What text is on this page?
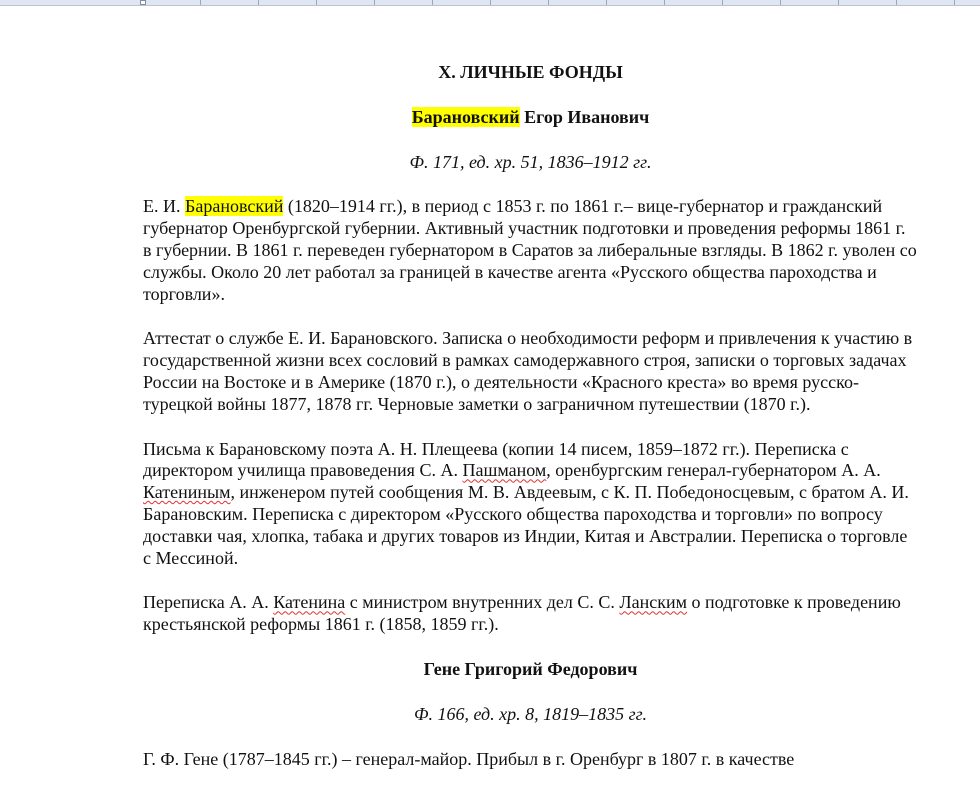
X. ЛИЧНЫЕ ФОНДЫ
Барановский Егор Иванович
Ф. 171, ед. хр. 51, 1836–1912 гг.
Е. И. Барановский (1820–1914 гг.), в период с 1853 г. по 1861 г.– вице-губернатор и гражданский губернатор Оренбургской губернии. Активный участник подготовки и проведения реформы 1861 г. в губернии. В 1861 г. переведен губернатором в Саратов за либеральные взгляды. В 1862 г. уволен со службы. Около 20 лет работал за границей в качестве агента «Русского общества пароходства и торговли».
Аттестат о службе Е. И. Барановского. Записка о необходимости реформ и привлечения к участию в государственной жизни всех сословий в рамках самодержавного строя, записки о торговых задачах России на Востоке и в Америке (1870 г.), о деятельности «Красного креста» во время русско-турецкой войны 1877, 1878 гг. Черновые заметки о заграничном путешествии (1870 г.).
Письма к Барановскому поэта А. Н. Плещеева (копии 14 писем, 1859–1872 гг.). Переписка с директором училища правоведения С. А. Пашманом, оренбургским генерал-губернатором А. А. Катениным, инженером путей сообщения М. В. Авдеевым, с К. П. Победоносцевым, с братом А. И. Барановским. Переписка с директором «Русского общества пароходства и торговли» по вопросу доставки чая, хлопка, табака и других товаров из Индии, Китая и Австралии. Переписка о торговле с Мессиной.
Переписка А. А. Катенина с министром внутренних дел С. С. Ланским о подготовке к проведению крестьянской реформы 1861 г. (1858, 1859 гг.).
Гене Григорий Федорович
Ф. 166, ед. хр. 8, 1819–1835 гг.
Г. Ф. Гене (1787–1845 гг.) – генерал-майор. Прибыл в г. Оренбург в 1807 г. в качестве
